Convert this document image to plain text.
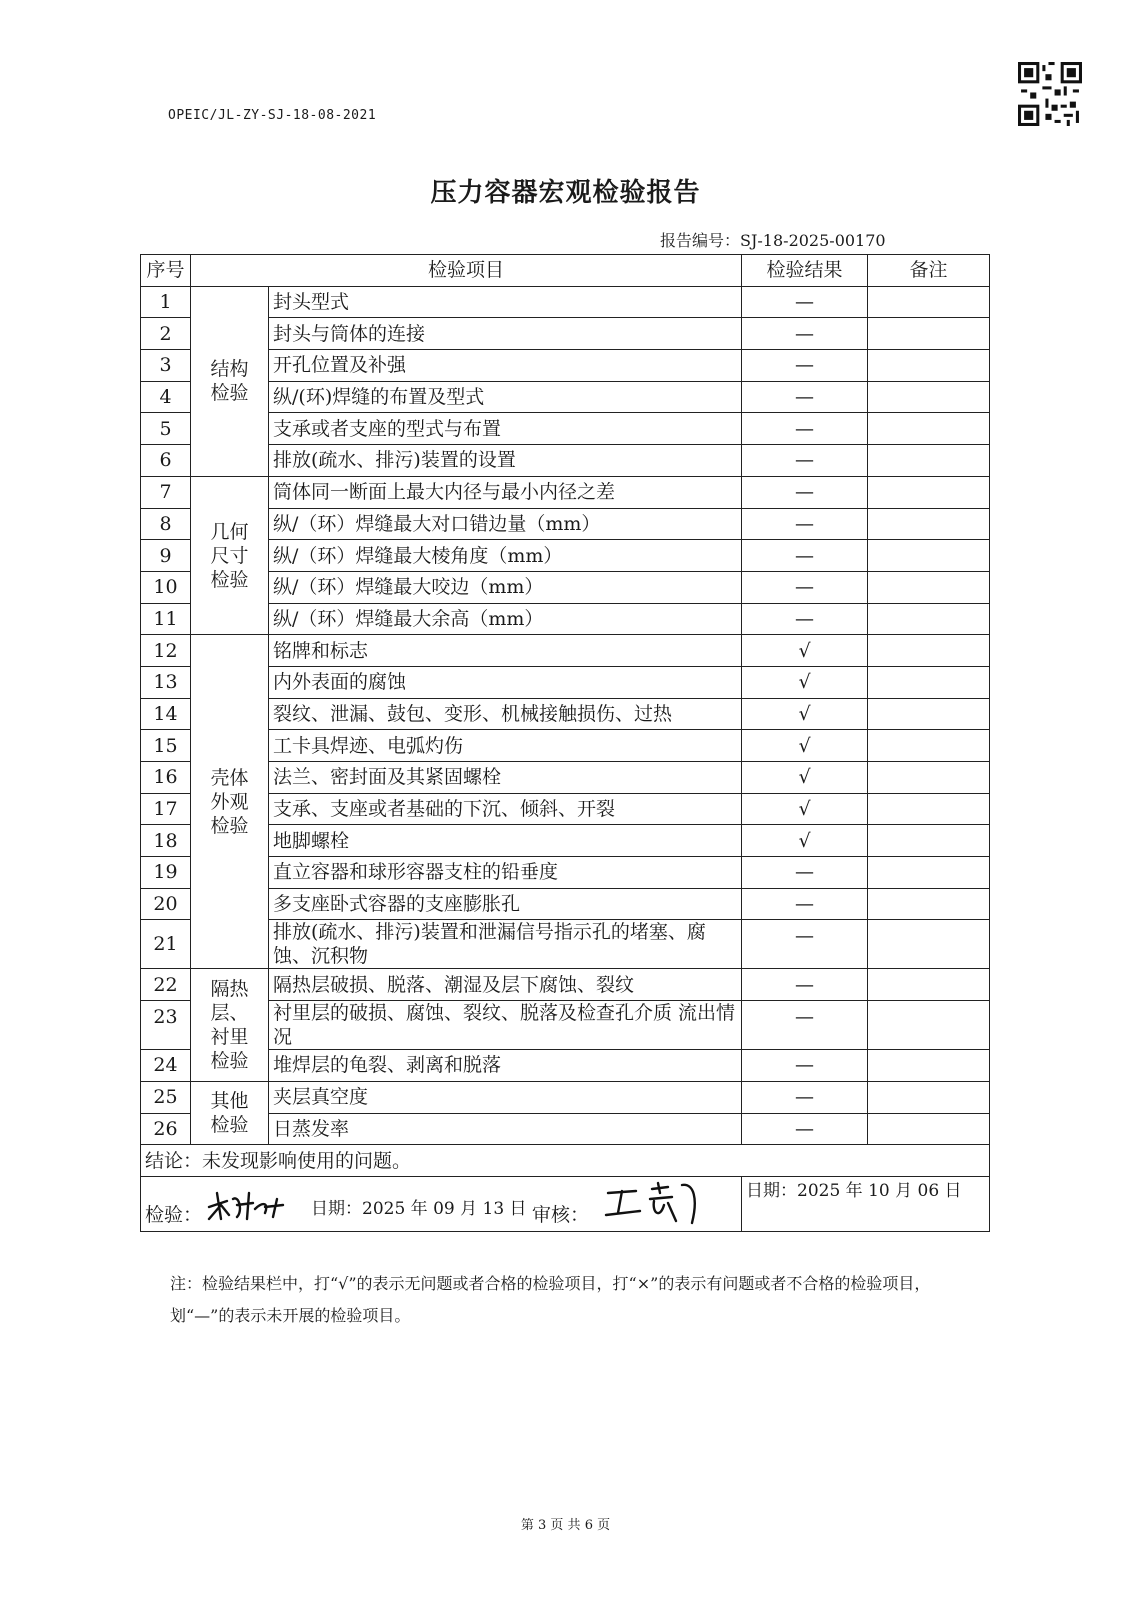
OPEIC/JL-ZY-SJ-18-08-2021
压力容器宏观检验报告
报告编号：SJ-18-2025-00170
序号	检验项目		检验结果	备注
1	结构检验	封头型式	—	
2		封头与筒体的连接	—	
3		开孔位置及补强	—	
4		纵/(环)焊缝的布置及型式	—	
5		支承或者支座的型式与布置	—	
6		排放(疏水、排污)装置的设置	—	
7	几何尺寸检验	筒体同一断面上最大内径与最小内径之差	—	
8		纵/（环）焊缝最大对口错边量（mm）	—	
9		纵/（环）焊缝最大棱角度（mm）	—	
10		纵/（环）焊缝最大咬边（mm）	—	
11		纵/（环）焊缝最大余高（mm）	—	
12	壳体外观检验	铭牌和标志	√	
13		内外表面的腐蚀	√	
14		裂纹、泄漏、鼓包、变形、机械接触损伤、过热	√	
15		工卡具焊迹、电弧灼伤	√	
16		法兰、密封面及其紧固螺栓	√	
17		支承、支座或者基础的下沉、倾斜、开裂	√	
18		地脚螺栓	√	
19		直立容器和球形容器支柱的铅垂度	—	
20		多支座卧式容器的支座膨胀孔	—	
21		排放(疏水、排污)装置和泄漏信号指示孔的堵塞、腐蚀、沉积物	—	
22	隔热层、衬里检验	隔热层破损、脱落、潮湿及层下腐蚀、裂纹	—	
23		衬里层的破损、腐蚀、裂纹、脱落及检查孔介质 流出情况	—	
24		堆焊层的龟裂、剥离和脱落	—	
25	其他检验	夹层真空度	—	
26		日蒸发率	—	
结论：未发现影响使用的问题。				

检验： 日期：2025 年 09 月 13 日			审核：
日期：2025 年 10 月 06 日	
注：检验结果栏中，打“√”的表示无问题或者合格的检验项目，打“×”的表示有问题或者不合格的检验项目，划“—”的表示未开展的检验项目。
第 3 页 共 6 页
